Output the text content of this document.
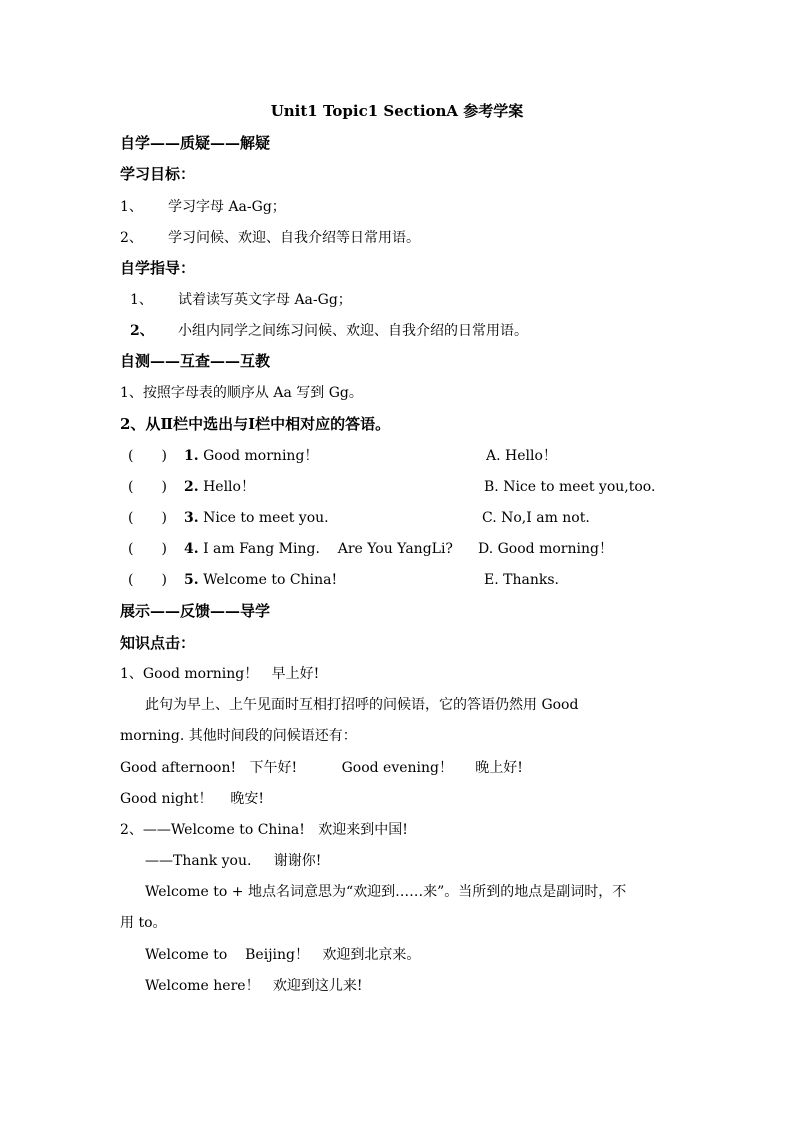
Unit1 Topic1 SectionA 参考学案
自学——质疑——解疑
学习目标：
1、 学习字母 Aa-Gg；
2、 学习问候、欢迎、自我介绍等日常用语。
自学指导：
1、 试着读写英文字母 Aa-Gg；
2、 小组内同学之间练习问候、欢迎、自我介绍的日常用语。
自测——互查——互教
1、按照字母表的顺序从 Aa 写到 Gg。
2、从Ⅱ栏中选出与Ⅰ栏中相对应的答语。
(　　) 1. Good morning！	A. Hello！
(　　) 2. Hello！	B. Nice to meet you,too.
(　　) 3. Nice to meet you.	C. No,I am not.
(　　) 4. I am Fang Ming.    Are You YangLi? D. Good morning！
(　　) 5. Welcome to China!	E. Thanks.
展示——反馈——导学
知识点击：
1、Good morning！   早上好!
此句为早上、上午见面时互相打招呼的问候语，它的答语仍然用 Good
morning. 其他时间段的问候语还有：
Good afternoon!   下午好!          Good evening！     晚上好!
Good night！    晚安!
2、——Welcome to China!   欢迎来到中国!
——Thank you.     谢谢你!
Welcome to + 地点名词意思为“欢迎到……来”。当所到的地点是副词时，不
用 to。
Welcome to    Beijing！   欢迎到北京来。
Welcome here！   欢迎到这儿来!
